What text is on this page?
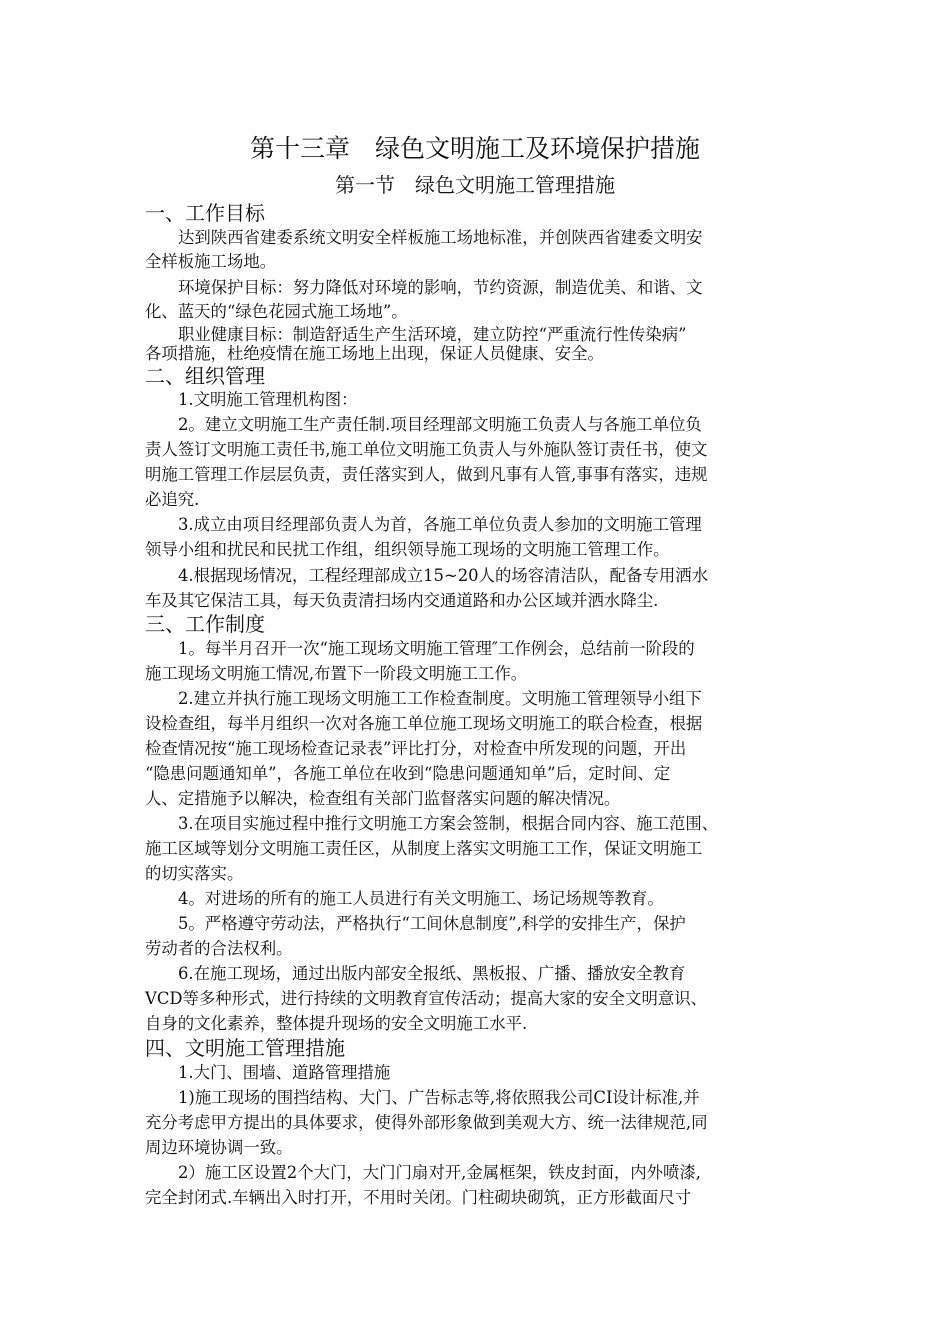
第十三章　绿色文明施工及环境保护措施
第一节　绿色文明施工管理措施
一、工作目标
达到陕西省建委系统文明安全样板施工场地标准，并创陕西省建委文明安
全样板施工场地。
环境保护目标：努力降低对环境的影响，节约资源，制造优美、和谐、文
化、蓝天的“绿色花园式施工场地”。
职业健康目标：制造舒适生产生活环境，建立防控“严重流行性传染病”
各项措施，杜绝疫情在施工场地上出现，保证人员健康、安全。
二、组织管理
1.文明施工管理机构图：
2。建立文明施工生产责任制.项目经理部文明施工负责人与各施工单位负
责人签订文明施工责任书,施工单位文明施工负责人与外施队签订责任书，使文
明施工管理工作层层负责，责任落实到人，做到凡事有人管,事事有落实，违规
必追究.
3.成立由项目经理部负责人为首，各施工单位负责人参加的文明施工管理
领导小组和扰民和民扰工作组，组织领导施工现场的文明施工管理工作。
4.根据现场情况，工程经理部成立15~20人的场容清洁队，配备专用洒水
车及其它保洁工具，每天负责清扫场内交通道路和办公区域并洒水降尘.
三、工作制度
1。每半月召开一次“施工现场文明施工管理″工作例会，总结前一阶段的
施工现场文明施工情况,布置下一阶段文明施工工作。
2.建立并执行施工现场文明施工工作检查制度。文明施工管理领导小组下
设检查组，每半月组织一次对各施工单位施工现场文明施工的联合检查，根据
检查情况按“施工现场检查记录表”评比打分，对检查中所发现的问题，开出
“隐患问题通知单”，各施工单位在收到“隐患问题通知单”后，定时间、定
人、定措施予以解决，检查组有关部门监督落实问题的解决情况。
3.在项目实施过程中推行文明施工方案会签制，根据合同内容、施工范围、
施工区域等划分文明施工责任区，从制度上落实文明施工工作，保证文明施工
的切实落实。
4。对进场的所有的施工人员进行有关文明施工、场记场规等教育。
5。严格遵守劳动法，严格执行“工间休息制度”,科学的安排生产，保护
劳动者的合法权利。
6.在施工现场，通过出版内部安全报纸、黑板报、广播、播放安全教育
VCD等多种形式，进行持续的文明教育宣传活动；提高大家的安全文明意识、
自身的文化素养，整体提升现场的安全文明施工水平.
四、文明施工管理措施
1.大门、围墙、道路管理措施
1)施工现场的围挡结构、大门、广告标志等,将依照我公司CI设计标准,并
充分考虑甲方提出的具体要求，使得外部形象做到美观大方、统一法律规范,同
周边环境协调一致。
2）施工区设置2个大门，大门门扇对开,金属框架，铁皮封面，内外喷漆,
完全封闭式.车辆出入时打开，不用时关闭。门柱砌块砌筑，正方形截面尺寸
